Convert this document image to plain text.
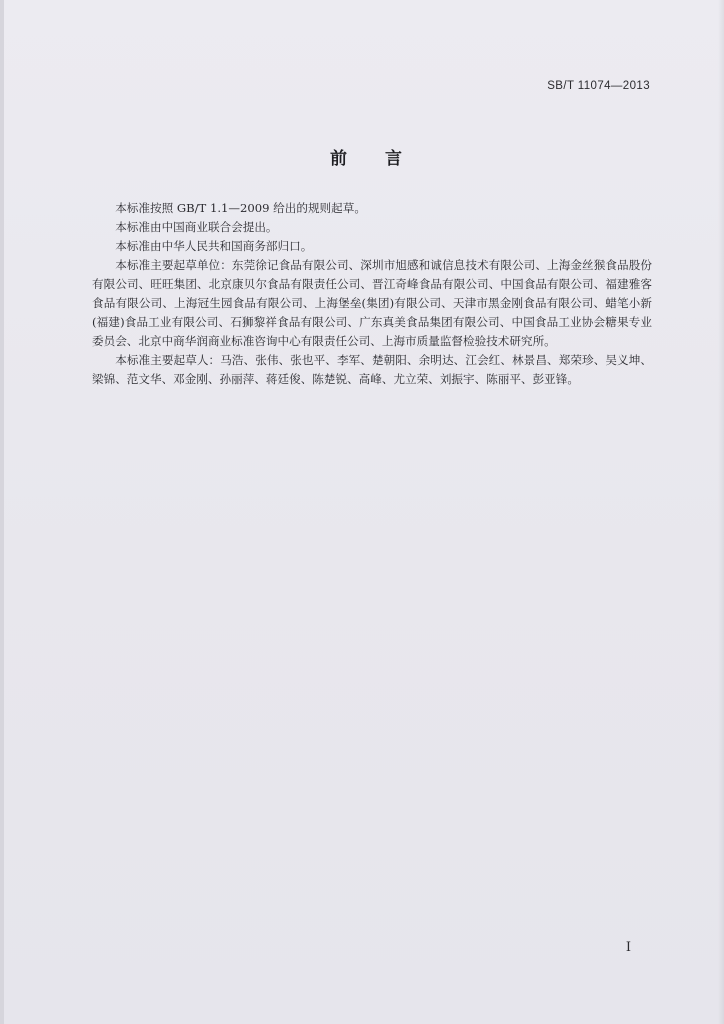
SB/T 11074—2013
前 言

本标准按照 GB/T 1.1—2009 给出的规则起草。

本标准由中国商业联合会提出。

本标准由中华人民共和国商务部归口。

本标准主要起草单位：东莞徐记食品有限公司、深圳市旭感和诚信息技术有限公司、上海金丝猴食品股份有限公司、旺旺集团、北京康贝尔食品有限责任公司、晋江奇峰食品有限公司、中国食品有限公司、福建雅客食品有限公司、上海冠生园食品有限公司、上海堡垒(集团)有限公司、天津市黑金刚食品有限公司、蜡笔小新(福建)食品工业有限公司、石狮黎祥食品有限公司、广东真美食品集团有限公司、中国食品工业协会糖果专业委员会、北京中商华润商业标准咨询中心有限责任公司、上海市质量监督检验技术研究所。

本标准主要起草人：马浩、张伟、张也平、李军、楚朝阳、余明达、江会红、林景昌、郑荣珍、吴义坤、梁锦、范文华、邓金刚、孙丽萍、蒋廷俊、陈楚锐、高峰、尤立荣、刘振宇、陈丽平、彭亚锋。

I
